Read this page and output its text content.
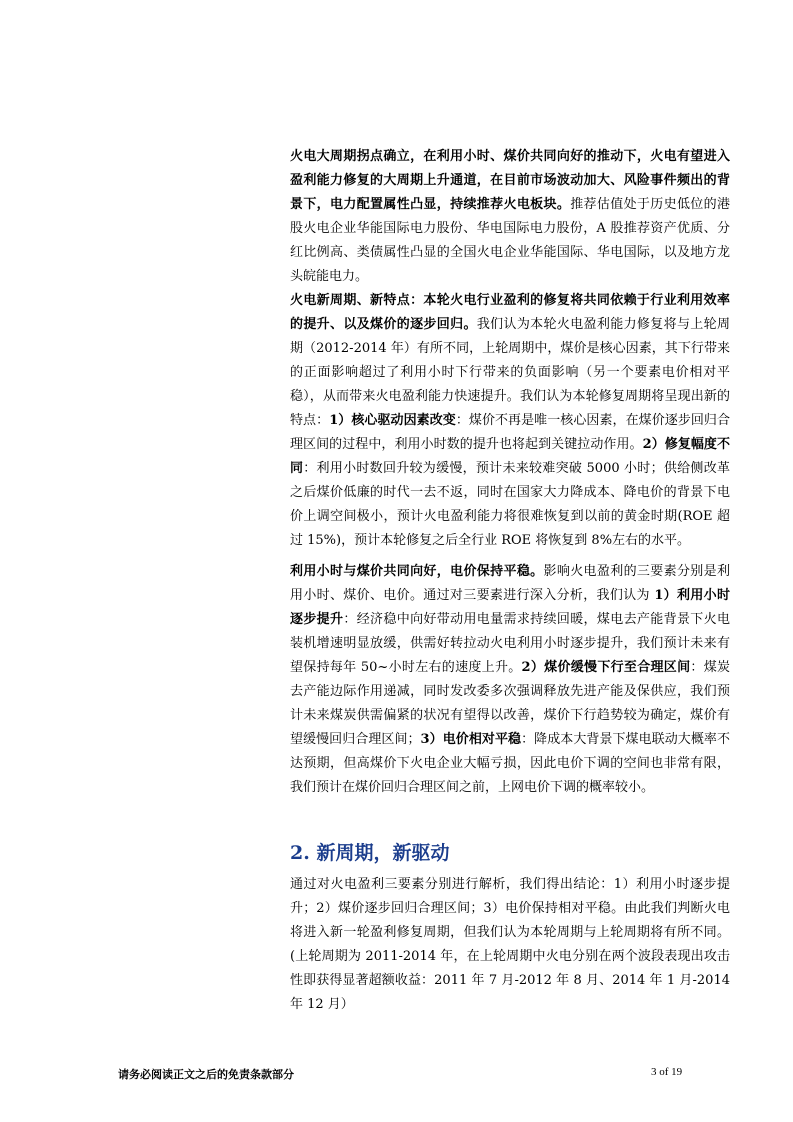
火电大周期拐点确立，在利用小时、煤价共同向好的推动下，火电有望进入盈利能力修复的大周期上升通道，在目前市场波动加大、风险事件频出的背景下，电力配置属性凸显，持续推荐火电板块。推荐估值处于历史低位的港股火电企业华能国际电力股份、华电国际电力股份，A 股推荐资产优质、分红比例高、类债属性凸显的全国火电企业华能国际、华电国际，以及地方龙头皖能电力。

火电新周期、新特点：本轮火电行业盈利的修复将共同依赖于行业利用效率的提升、以及煤价的逐步回归。我们认为本轮火电盈利能力修复将与上轮周期（2012-2014 年）有所不同，上轮周期中，煤价是核心因素，其下行带来的正面影响超过了利用小时下行带来的负面影响（另一个要素电价相对平稳），从而带来火电盈利能力快速提升。我们认为本轮修复周期将呈现出新的特点：1）核心驱动因素改变：煤价不再是唯一核心因素，在煤价逐步回归合理区间的过程中，利用小时数的提升也将起到关键拉动作用。2）修复幅度不同：利用小时数回升较为缓慢，预计未来较难突破 5000 小时；供给侧改革之后煤价低廉的时代一去不返，同时在国家大力降成本、降电价的背景下电价上调空间极小，预计火电盈利能力将很难恢复到以前的黄金时期(ROE 超过 15%)，预计本轮修复之后全行业 ROE 将恢复到 8%左右的水平。

利用小时与煤价共同向好，电价保持平稳。影响火电盈利的三要素分别是利用小时、煤价、电价。通过对三要素进行深入分析，我们认为 1）利用小时逐步提升：经济稳中向好带动用电量需求持续回暖，煤电去产能背景下火电装机增速明显放缓，供需好转拉动火电利用小时逐步提升，我们预计未来有望保持每年 50~小时左右的速度上升。2）煤价缓慢下行至合理区间：煤炭去产能边际作用递减，同时发改委多次强调释放先进产能及保供应，我们预计未来煤炭供需偏紧的状况有望得以改善，煤价下行趋势较为确定，煤价有望缓慢回归合理区间；3）电价相对平稳：降成本大背景下煤电联动大概率不达预期，但高煤价下火电企业大幅亏损，因此电价下调的空间也非常有限，我们预计在煤价回归合理区间之前，上网电价下调的概率较小。

2. 新周期，新驱动

通过对火电盈利三要素分别进行解析，我们得出结论：1）利用小时逐步提升；2）煤价逐步回归合理区间；3）电价保持相对平稳。由此我们判断火电将进入新一轮盈利修复周期，但我们认为本轮周期与上轮周期将有所不同。(上轮周期为 2011-2014 年，在上轮周期中火电分别在两个波段表现出攻击性即获得显著超额收益：2011 年 7 月-2012 年 8 月、2014 年 1 月-2014 年 12 月）

请务必阅读正文之后的免责条款部分	3 of 19
